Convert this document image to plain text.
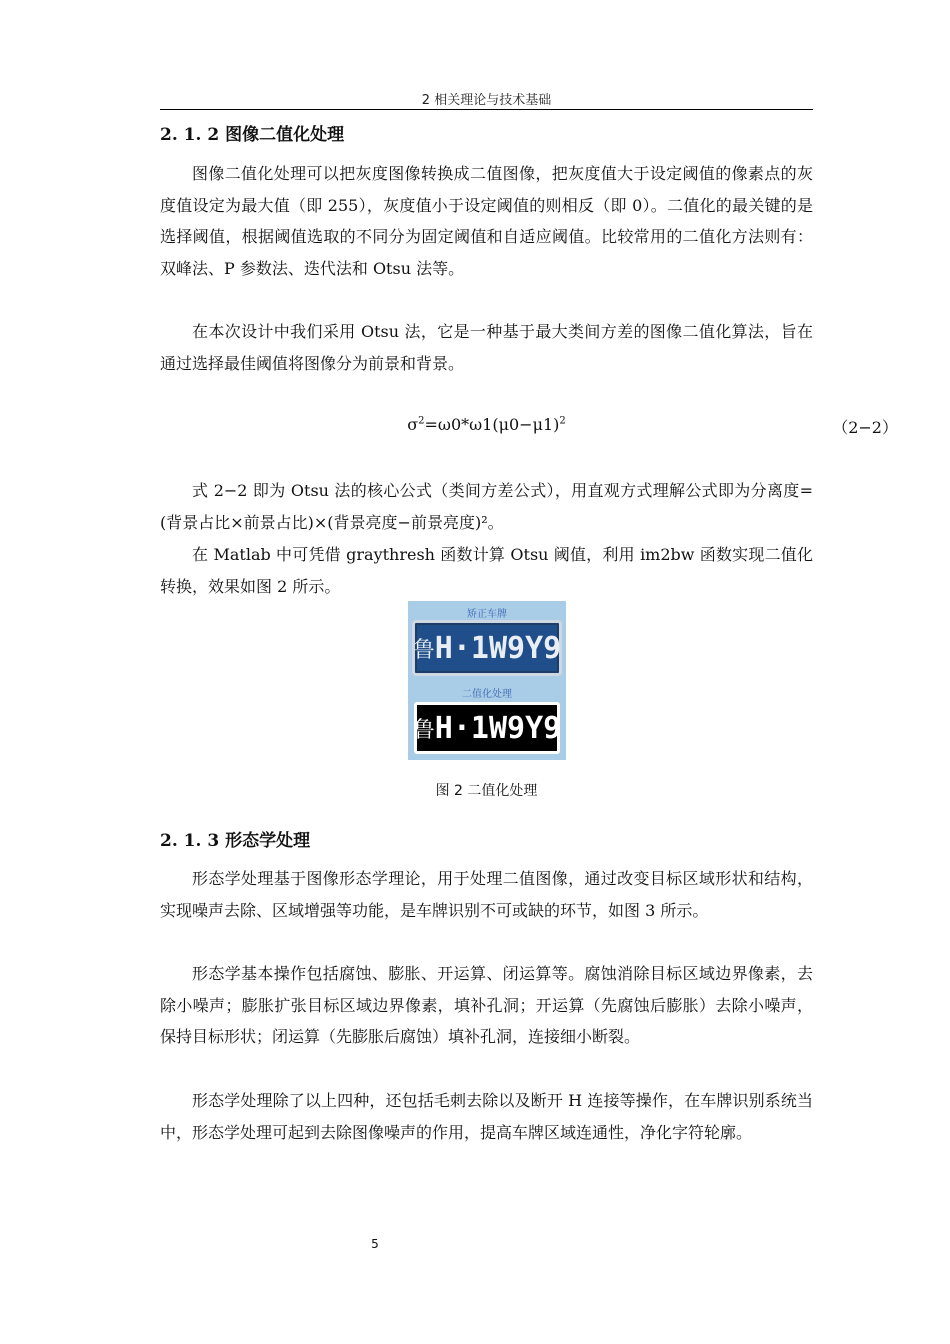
2 相关理论与技术基础
2. 1. 2 图像二值化处理

图像二值化处理可以把灰度图像转换成二值图像，把灰度值大于设定阈值的像素点的灰度值设定为最大值（即 255），灰度值小于设定阈值的则相反（即 0）。二值化的最关键的是选择阈值，根据阈值选取的不同分为固定阈值和自适应阈值。比较常用的二值化方法则有：双峰法、P 参数法、迭代法和 Otsu 法等。

在本次设计中我们采用 Otsu 法，它是一种基于最大类间方差的图像二值化算法，旨在通过选择最佳阈值将图像分为前景和背景。

$\sigma^2=\omega 0*\omega 1(\mu 0-\mu 1)^2$	（2−2）

式 2−2 即为 Otsu 法的核心公式（类间方差公式），用直观方式理解公式即为分离度=(背景占比×前景占比)×(背景亮度−前景亮度)²。

在 Matlab 中可凭借 graythresh 函数计算 Otsu 阈值，利用 im2bw 函数实现二值化转换，效果如图 2 所示。

矫正车牌
鲁 H·1W9Y9
二值化处理
鲁 H·1W9Y9
图 2 二值化处理
2. 1. 3 形态学处理

形态学处理基于图像形态学理论，用于处理二值图像，通过改变目标区域形状和结构，实现噪声去除、区域增强等功能，是车牌识别不可或缺的环节，如图 3 所示。

形态学基本操作包括腐蚀、膨胀、开运算、闭运算等。腐蚀消除目标区域边界像素，去除小噪声；膨胀扩张目标区域边界像素，填补孔洞；开运算（先腐蚀后膨胀）去除小噪声，保持目标形状；闭运算（先膨胀后腐蚀）填补孔洞，连接细小断裂。

形态学处理除了以上四种，还包括毛刺去除以及断开 H 连接等操作，在车牌识别系统当中，形态学处理可起到去除图像噪声的作用，提高车牌区域连通性，净化字符轮廓。

5
